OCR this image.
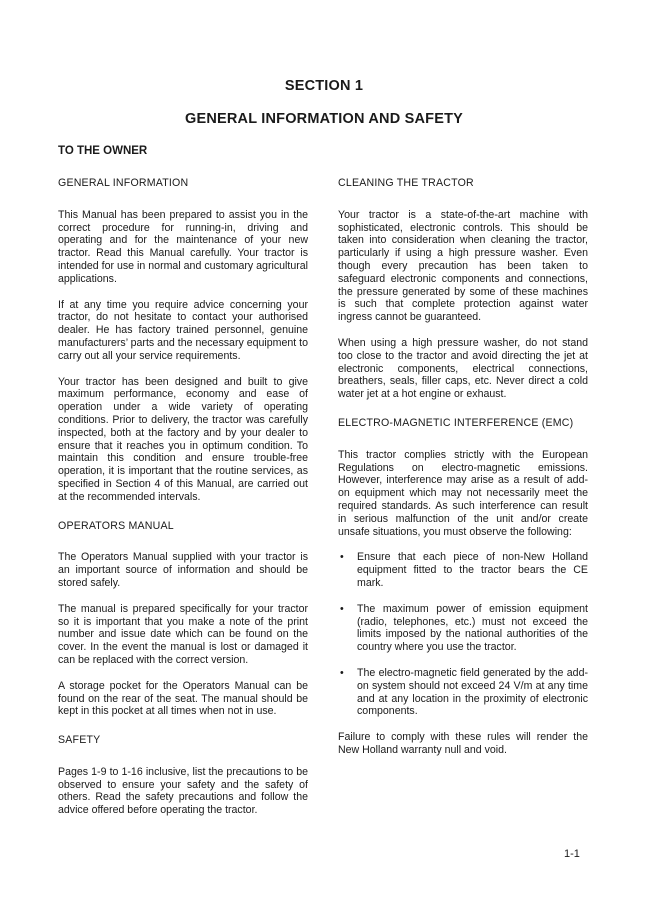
SECTION 1
GENERAL INFORMATION AND SAFETY
TO THE OWNER
GENERAL INFORMATION

This Manual has been prepared to assist you in the correct procedure for running-in, driving and operating and for the maintenance of your new tractor. Read this Manual carefully. Your tractor is intended for use in normal and customary agricultural applications.

If at any time you require advice concerning your tractor, do not hesitate to contact your authorised dealer. He has factory trained personnel, genuine manufacturers’ parts and the necessary equipment to carry out all your service requirements.

Your tractor has been designed and built to give maximum performance, economy and ease of operation under a wide variety of operating conditions. Prior to delivery, the tractor was carefully inspected, both at the factory and by your dealer to ensure that it reaches you in optimum condition. To maintain this condition and ensure trouble-free operation, it is important that the routine services, as specified in Section 4 of this Manual, are carried out at the recommended intervals.

OPERATORS MANUAL

The Operators Manual supplied with your tractor is an important source of information and should be stored safely.

The manual is prepared specifically for your tractor so it is important that you make a note of the print number and issue date which can be found on the cover. In the event the manual is lost or damaged it can be replaced with the correct version.

A storage pocket for the Operators Manual can be found on the rear of the seat. The manual should be kept in this pocket at all times when not in use.

SAFETY

Pages 1-9 to 1-16 inclusive, list the precautions to be observed to ensure your safety and the safety of others. Read the safety precautions and follow the advice offered before operating the tractor.

CLEANING THE TRACTOR

Your tractor is a state-of-the-art machine with sophisticated, electronic controls. This should be taken into consideration when cleaning the tractor, particularly if using a high pressure washer. Even though every precaution has been taken to safeguard electronic components and connections, the pressure generated by some of these machines is such that complete protection against water ingress cannot be guaranteed.

When using a high pressure washer, do not stand too close to the tractor and avoid directing the jet at electronic components, electrical connections, breathers, seals, filler caps, etc. Never direct a cold water jet at a hot engine or exhaust.

ELECTRO-MAGNETIC INTERFERENCE (EMC)

This tractor complies strictly with the European Regulations on electro-magnetic emissions. However, interference may arise as a result of add-on equipment which may not necessarily meet the required standards. As such interference can result in serious malfunction of the unit and/or create unsafe situations, you must observe the following:

• Ensure that each piece of non-New Holland equipment fitted to the tractor bears the CE mark.
• The maximum power of emission equipment (radio, telephones, etc.) must not exceed the limits imposed by the national authorities of the country where you use the tractor.
• The electro-magnetic field generated by the add-on system should not exceed 24 V/m at any time and at any location in the proximity of electronic components.

Failure to comply with these rules will render the New Holland warranty null and void.

1-1
